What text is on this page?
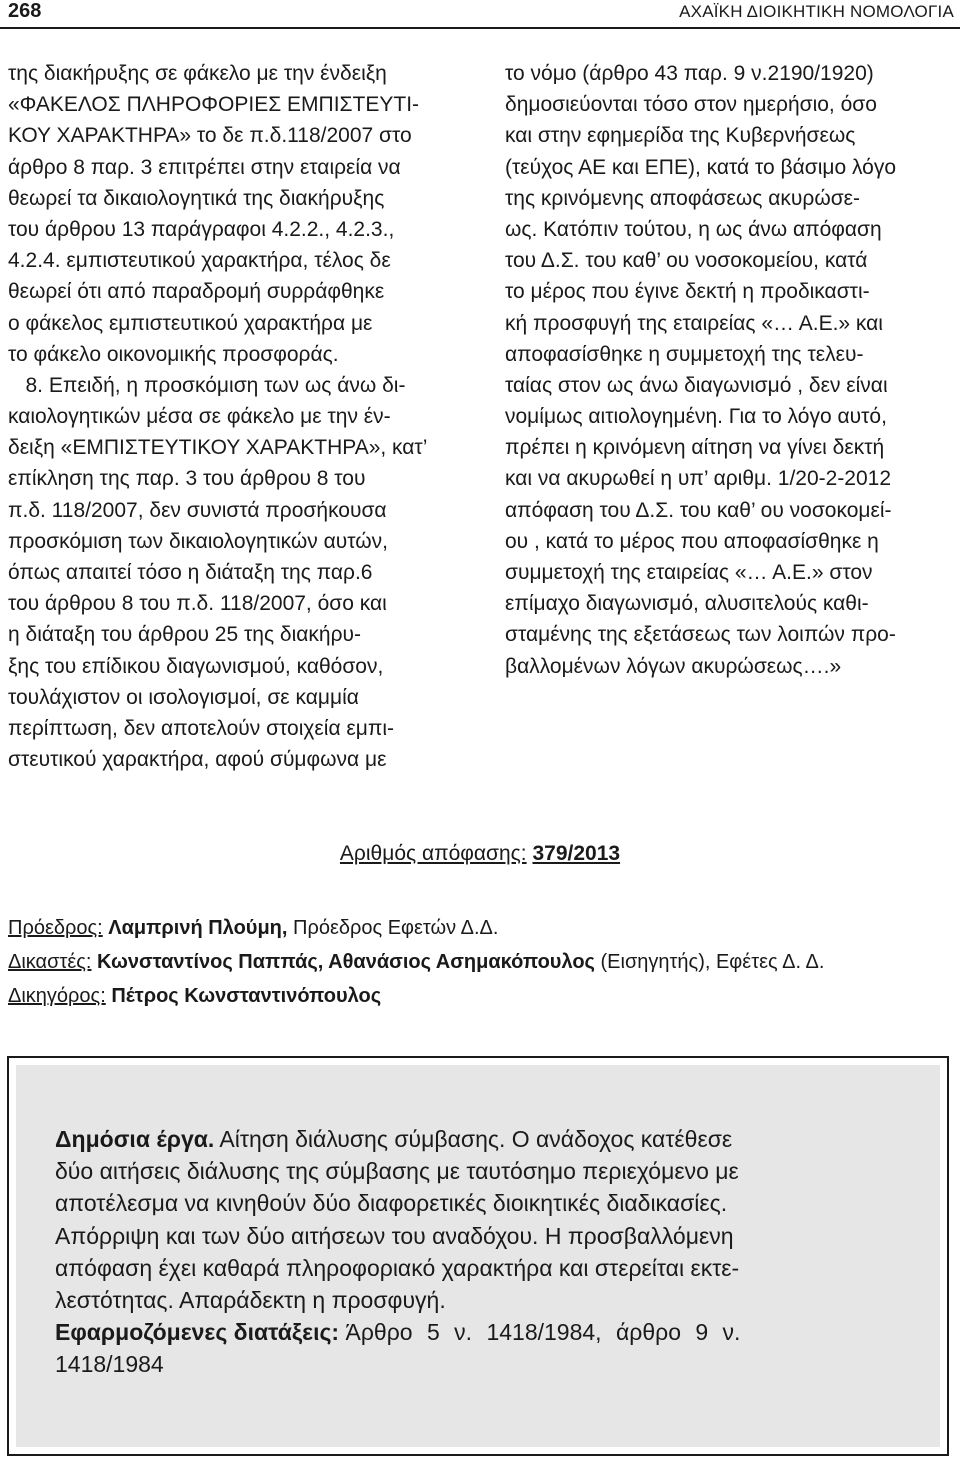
268	ΑΧΑΪΚΗ ΔΙΟΙΚΗΤΙΚΗ ΝΟΜΟΛΟΓΙΑ
της διακήρυξης σε φάκελο με την ένδειξη
«ΦΑΚΕΛΟΣ ΠΛΗΡΟΦΟΡΙΕΣ ΕΜΠΙΣΤΕΥΤΙ-
ΚΟΥ ΧΑΡΑΚΤΗΡΑ» το δε π.δ.118/2007 στο
άρθρο 8 παρ. 3 επιτρέπει στην εταιρεία να
θεωρεί τα δικαιολογητικά της διακήρυξης
του άρθρου 13 παράγραφοι 4.2.2., 4.2.3.,
4.2.4. εμπιστευτικού χαρακτήρα, τέλος δε
θεωρεί ότι από παραδρομή συρράφθηκε
ο φάκελος εμπιστευτικού χαρακτήρα με
το φάκελο οικονομικής προσφοράς.
8. Επειδή, η προσκόμιση των ως άνω δι-
καιολογητικών μέσα σε φάκελο με την έν-
δειξη «ΕΜΠΙΣΤΕΥΤΙΚΟΥ ΧΑΡΑΚΤΗΡΑ», κατ’
επίκληση της παρ. 3 του άρθρου 8 του
π.δ. 118/2007, δεν συνιστά προσήκουσα
προσκόμιση των δικαιολογητικών αυτών,
όπως απαιτεί τόσο η διάταξη της παρ.6
του άρθρου 8 του π.δ. 118/2007, όσο και
η διάταξη του άρθρου 25 της διακήρυ-
ξης του επίδικου διαγωνισμού, καθόσον,
τουλάχιστον οι ισολογισμοί, σε καμμία
περίπτωση, δεν αποτελούν στοιχεία εμπι-
στευτικού χαρακτήρα, αφού σύμφωνα με
το νόμο (άρθρο 43 παρ. 9 ν.2190/1920)
δημοσιεύονται τόσο στον ημερήσιο, όσο
και στην εφημερίδα της Κυβερνήσεως
(τεύχος ΑΕ και ΕΠΕ), κατά το βάσιμο λόγο
της κρινόμενης αποφάσεως ακυρώσε-
ως. Κατόπιν τούτου, η ως άνω απόφαση
του Δ.Σ. του καθ’ ου νοσοκομείου, κατά
το μέρος που έγινε δεκτή η προδικαστι-
κή προσφυγή της εταιρείας «… Α.Ε.» και
αποφασίσθηκε η συμμετοχή της τελευ-
ταίας στον ως άνω διαγωνισμό , δεν είναι
νομίμως αιτιολογημένη. Για το λόγο αυτό,
πρέπει η κρινόμενη αίτηση να γίνει δεκτή
και να ακυρωθεί η υπ’ αριθμ. 1/20-2-2012
απόφαση του Δ.Σ. του καθ’ ου νοσοκομεί-
ου , κατά το μέρος που αποφασίσθηκε η
συμμετοχή της εταιρείας «… Α.Ε.» στον
επίμαχο διαγωνισμό, αλυσιτελούς καθι-
σταμένης της εξετάσεως των λοιπών προ-
βαλλομένων λόγων ακυρώσεως….»
Αριθμός απόφασης: 379/2013
Πρόεδρος: Λαμπρινή Πλούμη, Πρόεδρος Εφετών Δ.Δ.
Δικαστές: Κωνσταντίνος Παππάς, Αθανάσιος Ασημακόπουλος (Εισηγητής), Εφέτες Δ. Δ.
Δικηγόρος: Πέτρος Κωνσταντινόπουλος
Δημόσια έργα. Αίτηση διάλυσης σύμβασης. Ο ανάδοχος κατέθεσε
δύο αιτήσεις διάλυσης της σύμβασης με ταυτόσημο περιεχόμενο με
αποτέλεσμα να κινηθούν δύο διαφορετικές διοικητικές διαδικασίες.
Απόρριψη και των δύο αιτήσεων του αναδόχου. Η προσβαλλόμενη
απόφαση έχει καθαρά πληροφοριακό χαρακτήρα και στερείται εκτε-
λεστότητας. Απαράδεκτη η προσφυγή.
Εφαρμοζόμενες διατάξεις: Άρθρο 5 ν. 1418/1984, άρθρο 9 ν.
1418/1984
